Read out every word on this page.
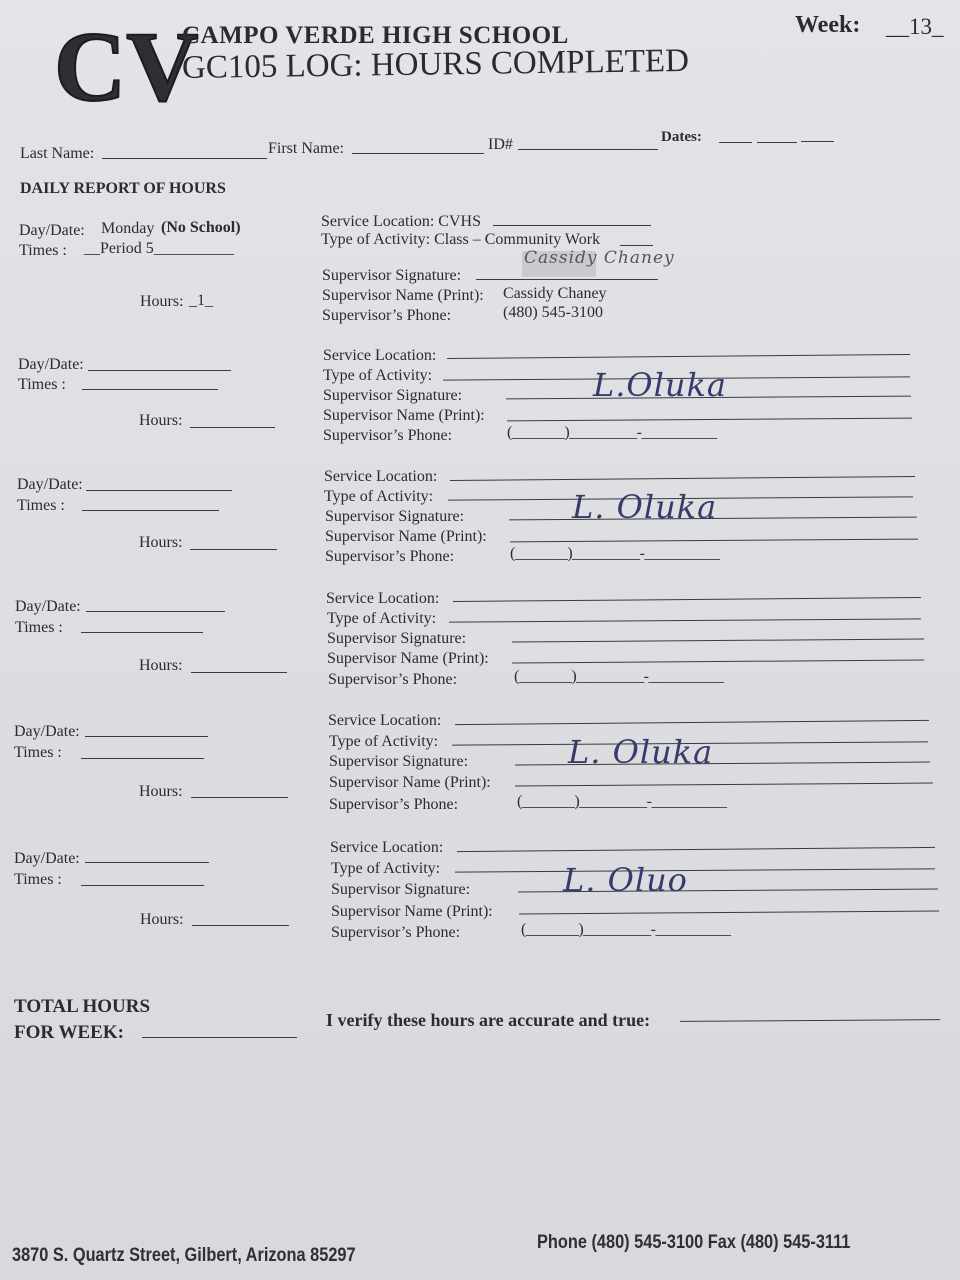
CV
CAMPO VERDE HIGH SCHOOL
GC105 LOG: HOURS COMPLETED
Week: __13_
Last Name:	First Name:	ID#	Dates:
DAILY REPORT OF HOURS
Day/Date: Monday (No School)
Times : __Period 5__________
Hours: _1_
Service Location: CVHS
Type of Activity: Class – Community Work
Supervisor Signature:
Cassidy Chaney
Supervisor Name (Print): Cassidy Chaney
Supervisor’s Phone:	(480) 545-3100
Day/Date:
Times :
Hours:
Service Location:
Type of Activity:
Supervisor Signature:	L.Oluka
Supervisor Name (Print):
Supervisor’s Phone:	(_______)_________-__________
Day/Date:
Times :
Hours:
Service Location:
Type of Activity:
Supervisor Signature:	L. Oluka
Supervisor Name (Print):
Supervisor’s Phone:	(_______)_________-__________
Day/Date:
Times :
Hours:
Service Location:
Type of Activity:
Supervisor Signature:
Supervisor Name (Print):
Supervisor’s Phone:	(_______)_________-__________
Day/Date:
Times :
Hours:
Service Location:
Type of Activity:
Supervisor Signature:	L. Oluka
Supervisor Name (Print):
Supervisor’s Phone:	(_______)_________-__________
Day/Date:
Times :
Hours:
Service Location:
Type of Activity:
Supervisor Signature:	L. Oluo
Supervisor Name (Print):
Supervisor’s Phone:	(_______)_________-__________
TOTAL HOURS
FOR WEEK:
I verify these hours are accurate and true:
3870 S. Quartz Street, Gilbert, Arizona 85297
Phone (480) 545-3100 Fax (480) 545-3111
